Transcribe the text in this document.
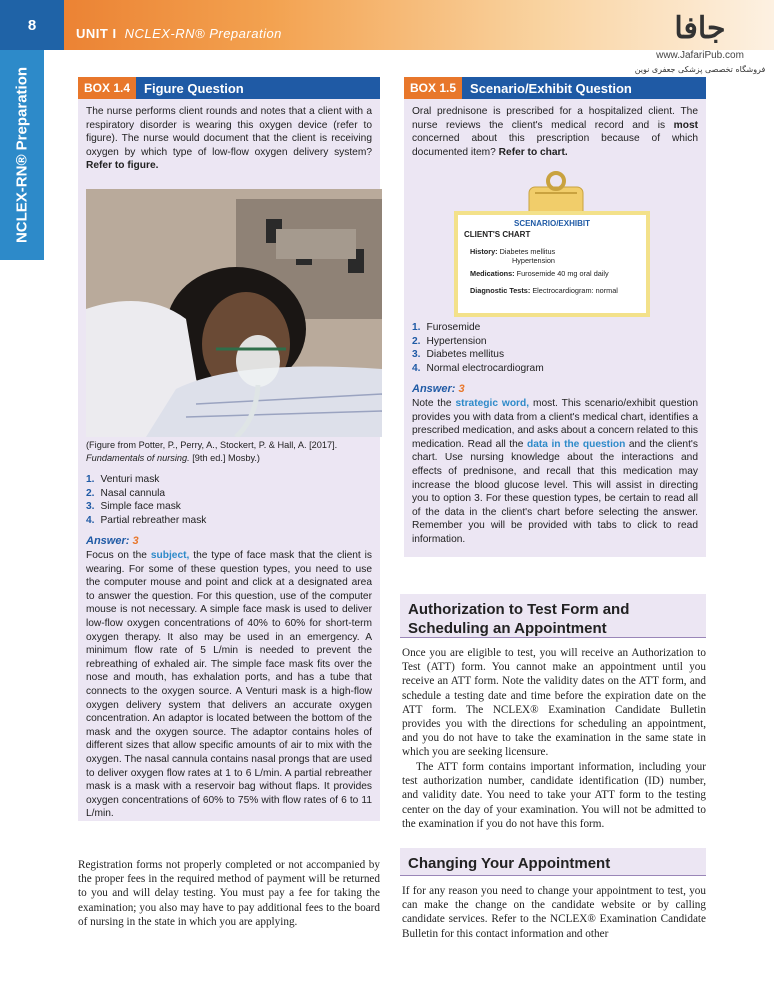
8	UNIT I NCLEX-RN® Preparation
NCLEX-RN® Preparation
جافا
www.JafariPub.com
فروشگاه تخصصی پزشکی جعفری نوین
BOX 1.4	Figure Question
The nurse performs client rounds and notes that a client with a respiratory disorder is wearing this oxygen device (refer to figure). The nurse would document that the client is receiving oxygen by which type of low-flow oxygen delivery system? Refer to figure.
(Figure from Potter, P., Perry, A., Stockert, P. & Hall, A. [2017]. Fundamentals of nursing. [9th ed.] Mosby.)
1. Venturi mask
2. Nasal cannula
3. Simple face mask
4. Partial rebreather mask
Answer: 3
Focus on the subject, the type of face mask that the client is wearing. For some of these question types, you need to use the computer mouse and point and click at a designated area to answer the question. For this question, use of the computer mouse is not necessary. A simple face mask is used to deliver low-flow oxygen concentrations of 40% to 60% for short-term oxygen therapy. It also may be used in an emergency. A minimum flow rate of 5 L/min is needed to prevent the rebreathing of exhaled air. The simple face mask fits over the nose and mouth, has exhalation ports, and has a tube that connects to the oxygen source. A Venturi mask is a high-flow oxygen delivery system that delivers an accurate oxygen concentration. An adaptor is located between the bottom of the mask and the oxygen source. The adaptor contains holes of different sizes that allow specific amounts of air to mix with the oxygen. The nasal cannula contains nasal prongs that are used to deliver oxygen flow rates at 1 to 6 L/min. A partial rebreather mask is a mask with a reservoir bag without flaps. It provides oxygen concentrations of 60% to 75% with flow rates of 6 to 11 L/min.
BOX 1.5	Scenario/Exhibit Question
Oral prednisone is prescribed for a hospitalized client. The nurse reviews the client's medical record and is most concerned about this prescription because of which documented item? Refer to chart.
SCENARIO/EXHIBIT
CLIENT'S CHART
History: Diabetes mellitus
Hypertension
Medications: Furosemide 40 mg oral daily
Diagnostic Tests: Electrocardiogram: normal
1. Furosemide
2. Hypertension
3. Diabetes mellitus
4. Normal electrocardiogram
Answer: 3
Note the strategic word, most. This scenario/exhibit question provides you with data from a client's medical chart, identifies a prescribed medication, and asks about a concern related to this medication. Read all the data in the question and the client's chart. Use nursing knowledge about the interactions and effects of prednisone, and recall that this medication may increase the blood glucose level. This will assist in directing you to option 3. For these question types, be certain to read all of the data in the client's chart before selecting the answer. Remember you will be provided with tabs to click to read information.
Authorization to Test Form and
Scheduling an Appointment
Once you are eligible to test, you will receive an Authorization to Test (ATT) form. You cannot make an appointment until you receive an ATT form. Note the validity dates on the ATT form, and schedule a testing date and time before the expiration date on the ATT form. The NCLEX® Examination Candidate Bulletin provides you with the directions for scheduling an appointment, and you do not have to take the examination in the same state in which you are seeking licensure.
The ATT form contains important information, including your test authorization number, candidate identification (ID) number, and validity date. You need to take your ATT form to the testing center on the day of your examination. You will not be admitted to the examination if you do not have this form.
Registration forms not properly completed or not accompanied by the proper fees in the required method of payment will be returned to you and will delay testing. You must pay a fee for taking the examination; you also may have to pay additional fees to the board of nursing in the state in which you are applying.
Changing Your Appointment
If for any reason you need to change your appointment to test, you can make the change on the candidate website or by calling candidate services. Refer to the NCLEX® Examination Candidate Bulletin for this contact information and other
